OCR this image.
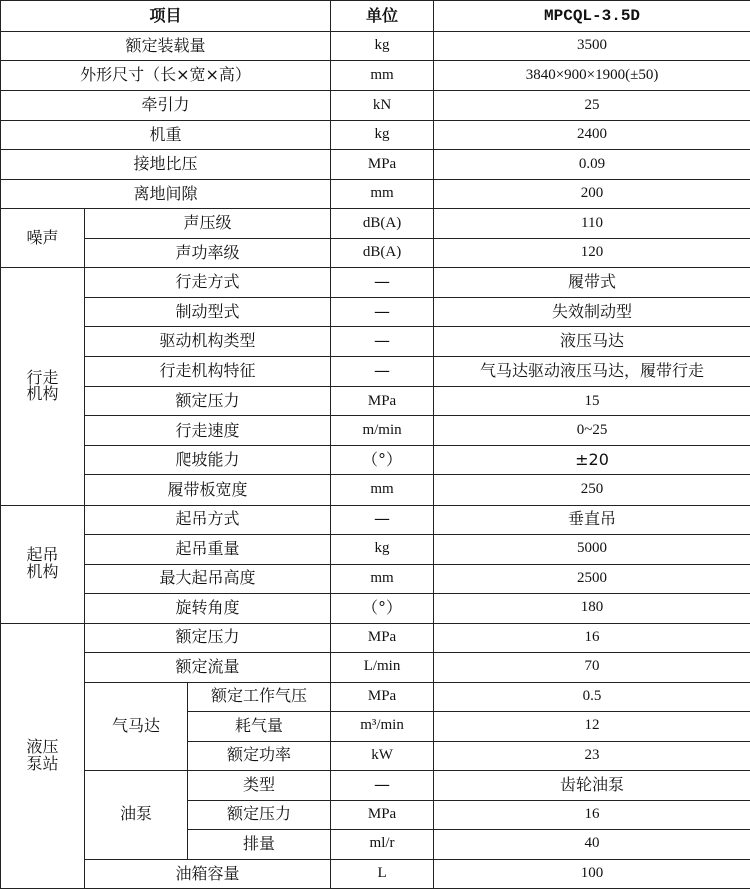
项目			单位	MPCQL-3.5D
额定装载量			kg	3500
外形尺寸（长×宽×高）			mm	3840×900×1900(±50)
牵引力			kN	25
机重			kg	2400
接地比压			MPa	0.09
离地间隙			mm	200
噪声	声压级		dB(A)	110
	声功率级		dB(A)	120
行走机构	行走方式		—	履带式
	制动型式		—	失效制动型
	驱动机构类型		—	液压马达
	行走机构特征		—	气马达驱动液压马达，履带行走
	额定压力		MPa	15
	行走速度		m/min	0~25
	爬坡能力		（°）	±20
	履带板宽度		mm	250
起吊机构	起吊方式		—	垂直吊
	起吊重量		kg	5000
	最大起吊高度		mm	2500
	旋转角度		（°）	180
液压泵站	额定压力		MPa	16
	额定流量		L/min	70
	气马达	额定工作气压	MPa	0.5
		耗气量	m³/min	12
		额定功率	kW	23
	油泵	类型	—	齿轮油泵
		额定压力	MPa	16
		排量	ml/r	40
	油箱容量		L	100
